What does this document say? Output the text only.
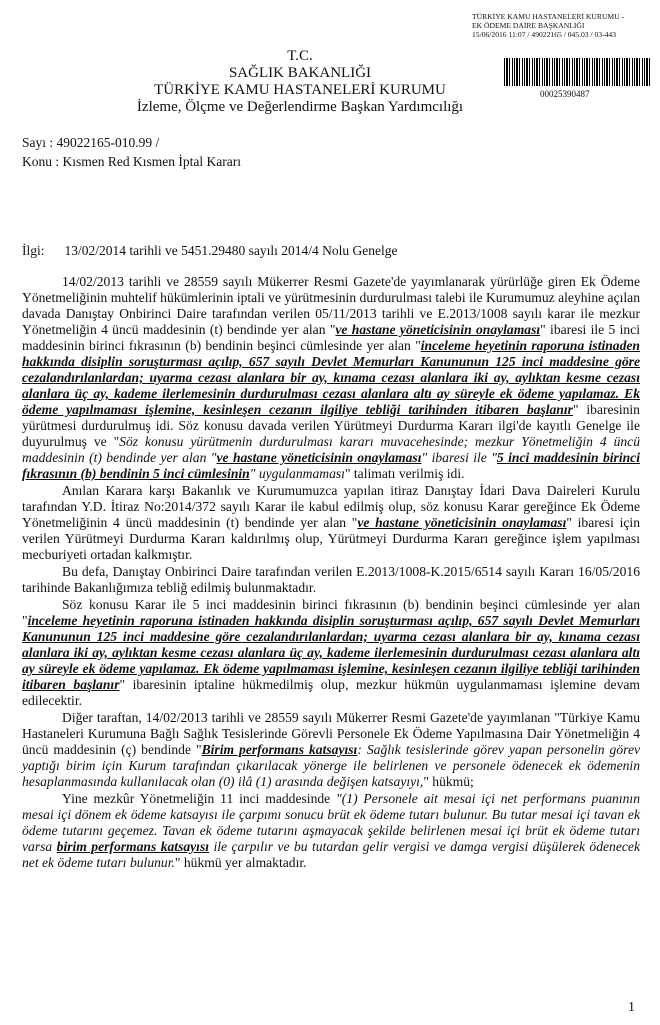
TÜRKİYE KAMU HASTANELERİ KURUMU -
EK ÖDEME DAİRE BAŞKANLIĞI
15/06/2016 11:07 / 49022165 / 045.03 / 03-443
00025390487
T.C.
SAĞLIK BAKANLIĞI
TÜRKİYE KAMU HASTANELERİ KURUMU
İzleme, Ölçme ve Değerlendirme Başkan Yardımcılığı
Sayı : 49022165-010.99 /
Konu : Kısmen Red Kısmen İptal Kararı
İlgi: 13/02/2014 tarihli ve 5451.29480 sayılı 2014/4 Nolu Genelge

14/02/2013 tarihli ve 28559 sayılı Mükerrer Resmi Gazete'de yayımlanarak yürürlüğe giren Ek Ödeme Yönetmeliğinin muhtelif hükümlerinin iptali ve yürütmesinin durdurulması talebi ile Kurumumuz aleyhine açılan davada Danıştay Onbirinci Daire tarafından verilen 05/11/2013 tarihli ve E.2013/1008 sayılı karar ile mezkur Yönetmeliğin 4 üncü maddesinin (t) bendinde yer alan "ve hastane yöneticisinin onaylaması" ibaresi ile 5 inci maddesinin birinci fıkrasının (b) bendinin beşinci cümlesinde yer alan "inceleme heyetinin raporuna istinaden hakkında disiplin soruşturması açılıp, 657 sayılı Devlet Memurları Kanununun 125 inci maddesine göre cezalandırılanlardan; uyarma cezası alanlara bir ay, kınama cezası alanlara iki ay, aylıktan kesme cezası alanlara üç ay, kademe ilerlemesinin durdurulması cezası alanlara altı ay süreyle ek ödeme yapılamaz. Ek ödeme yapılmaması işlemine, kesinleşen cezanın ilgiliye tebliği tarihinden itibaren başlanır" ibaresinin yürütmesi durdurulmuş idi. Söz konusu davada verilen Yürütmeyi Durdurma Kararı ilgi'de kayıtlı Genelge ile duyurulmuş ve "Söz konusu yürütmenin durdurulması kararı muvacehesinde; mezkur Yönetmeliğin 4 üncü maddesinin (t) bendinde yer alan "ve hastane yöneticisinin onaylaması" ibaresi ile "5 inci maddesinin birinci fıkrasının (b) bendinin 5 inci cümlesinin" uygulanmaması" talimatı verilmiş idi.

Anılan Karara karşı Bakanlık ve Kurumumuzca yapılan itiraz Danıştay İdari Dava Daireleri Kurulu tarafından Y.D. İtiraz No:2014/372 sayılı Karar ile kabul edilmiş olup, söz konusu Karar gereğince Ek Ödeme Yönetmeliğinin 4 üncü maddesinin (t) bendinde yer alan "ve hastane yöneticisinin onaylaması" ibaresi için verilen Yürütmeyi Durdurma Kararı kaldırılmış olup, Yürütmeyi Durdurma Kararı gereğince işlem yapılması mecburiyeti ortadan kalkmıştır.

Bu defa, Danıştay Onbirinci Daire tarafından verilen E.2013/1008-K.2015/6514 sayılı Kararı 16/05/2016 tarihinde Bakanlığımıza tebliğ edilmiş bulunmaktadır.

Söz konusu Karar ile 5 inci maddesinin birinci fıkrasının (b) bendinin beşinci cümlesinde yer alan "inceleme heyetinin raporuna istinaden hakkında disiplin soruşturması açılıp, 657 sayılı Devlet Memurları Kanununun 125 inci maddesine göre cezalandırılanlardan; uyarma cezası alanlara bir ay, kınama cezası alanlara iki ay, aylıktan kesme cezası alanlara üç ay, kademe ilerlemesinin durdurulması cezası alanlara altı ay süreyle ek ödeme yapılamaz. Ek ödeme yapılmaması işlemine, kesinleşen cezanın ilgiliye tebliği tarihinden itibaren başlanır" ibaresinin iptaline hükmedilmiş olup, mezkur hükmün uygulanmaması işlemine devam edilecektir.

Diğer taraftan, 14/02/2013 tarihli ve 28559 sayılı Mükerrer Resmi Gazete'de yayımlanan "Türkiye Kamu Hastaneleri Kurumuna Bağlı Sağlık Tesislerinde Görevli Personele Ek Ödeme Yapılmasına Dair Yönetmeliğin 4 üncü maddesinin (ç) bendinde "Birim performans katsayısı: Sağlık tesislerinde görev yapan personelin görev yaptığı birim için Kurum tarafından çıkarılacak yönerge ile belirlenen ve personele ödenecek ek ödemenin hesaplanmasında kullanılacak olan (0) ilâ (1) arasında değişen katsayıyı," hükmü;

Yine mezkûr Yönetmeliğin 11 inci maddesinde "(1) Personele ait mesai içi net performans puanının mesai içi dönem ek ödeme katsayısı ile çarpımı sonucu brüt ek ödeme tutarı bulunur. Bu tutar mesai içi tavan ek ödeme tutarını geçemez. Tavan ek ödeme tutarını aşmayacak şekilde belirlenen mesai içi brüt ek ödeme tutarı varsa birim performans katsayısı ile çarpılır ve bu tutardan gelir vergisi ve damga vergisi düşülerek ödenecek net ek ödeme tutarı bulunur." hükmü yer almaktadır.

1
